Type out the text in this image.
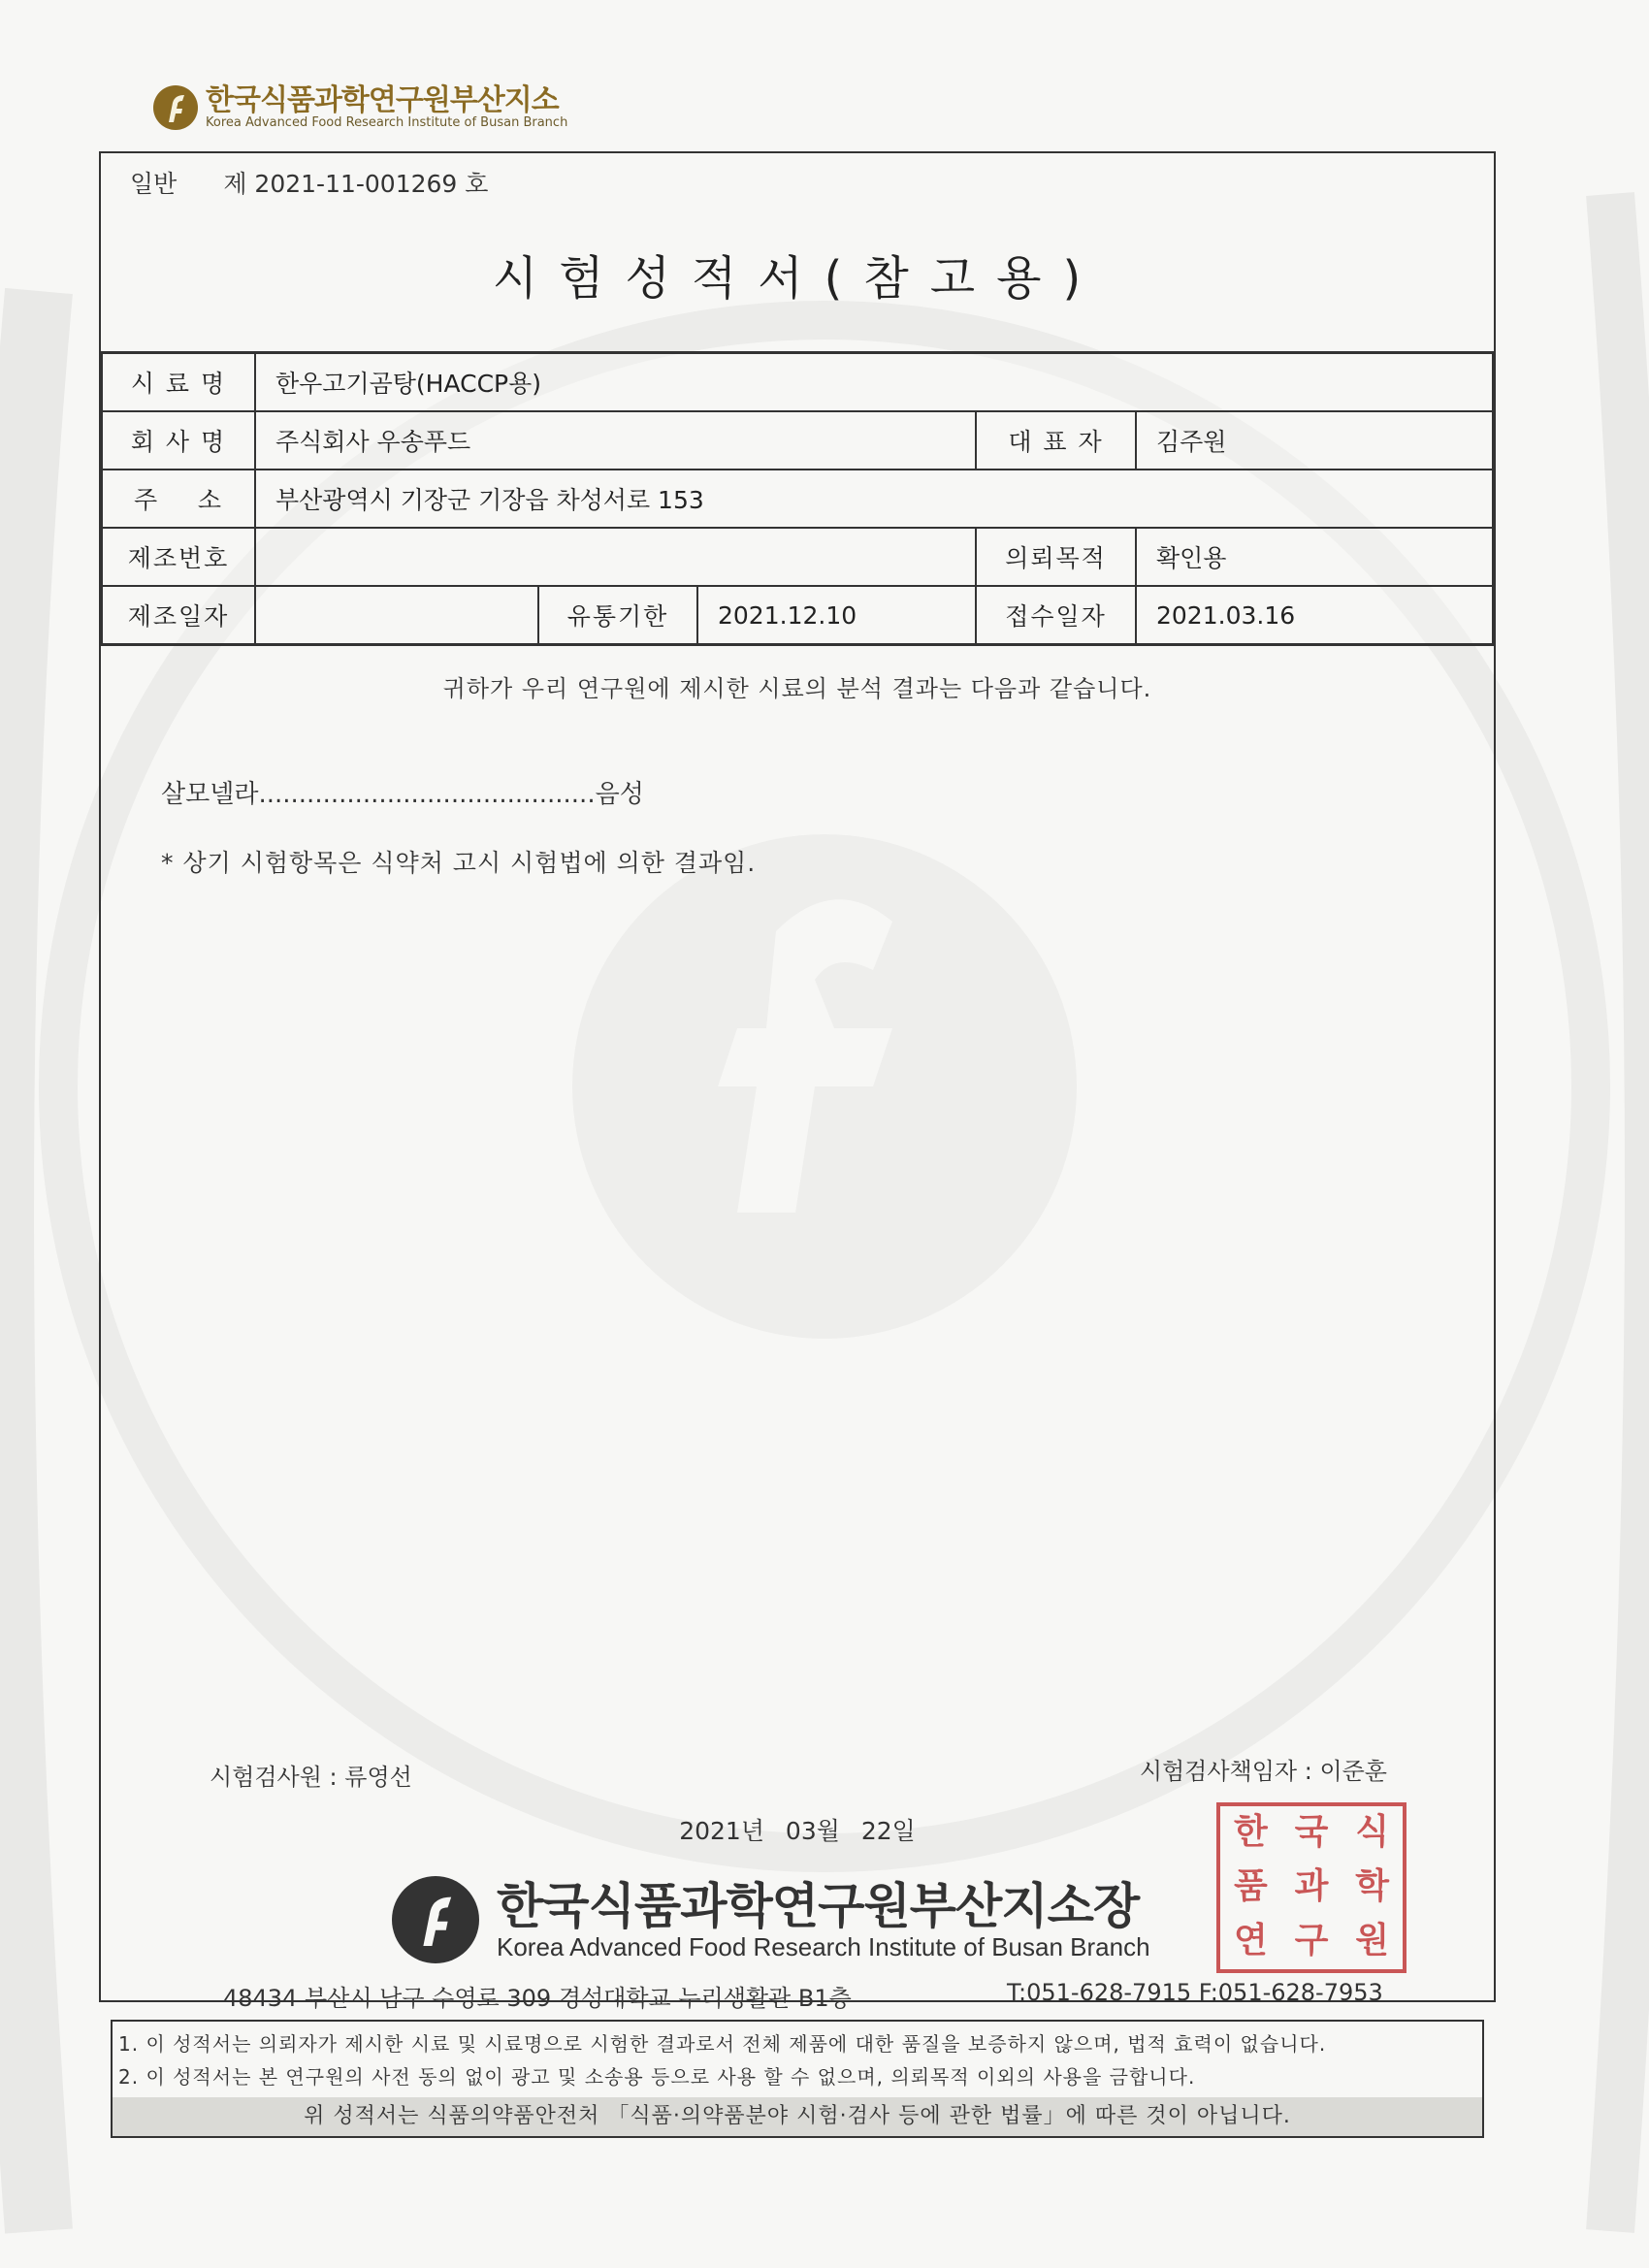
한국식품과학연구원부산지소
Korea Advanced Food Research Institute of Busan Branch
일반 제 2021-11-001269 호
시험성적서(참고용)
시 료 명	한우고기곰탕(HACCP용)				
회 사 명	주식회사 우송푸드			대 표 자	김주원
주    소	부산광역시 기장군 기장읍 차성서로 153				
제조번호				의뢰목적	확인용
제조일자		유통기한	2021.12.10	접수일자	2021.03.16
귀하가 우리 연구원에 제시한 시료의 분석 결과는 다음과 같습니다.
살모넬라..........................................음성
* 상기 시험항목은 식약처 고시 시험법에 의한 결과임.
시험검사원 : 류영선	시험검사책임자 : 이준훈
2021년 03월 22일
한국식품과학연구원부산지소장
Korea Advanced Food Research Institute of Busan Branch
한 국 식
품 과 학
연 구 원
48434 부산시 남구 수영로 309 경성대학교 누리생활관 B1층	T:051-628-7915 F:051-628-7953
1. 이 성적서는 의뢰자가 제시한 시료 및 시료명으로 시험한 결과로서 전체 제품에 대한 품질을 보증하지 않으며, 법적 효력이 없습니다.
2. 이 성적서는 본 연구원의 사전 동의 없이 광고 및 소송용 등으로 사용 할 수 없으며, 의뢰목적 이외의 사용을 금합니다.
위 성적서는 식품의약품안전처 「식품·의약품분야 시험·검사 등에 관한 법률」에 따른 것이 아닙니다.
